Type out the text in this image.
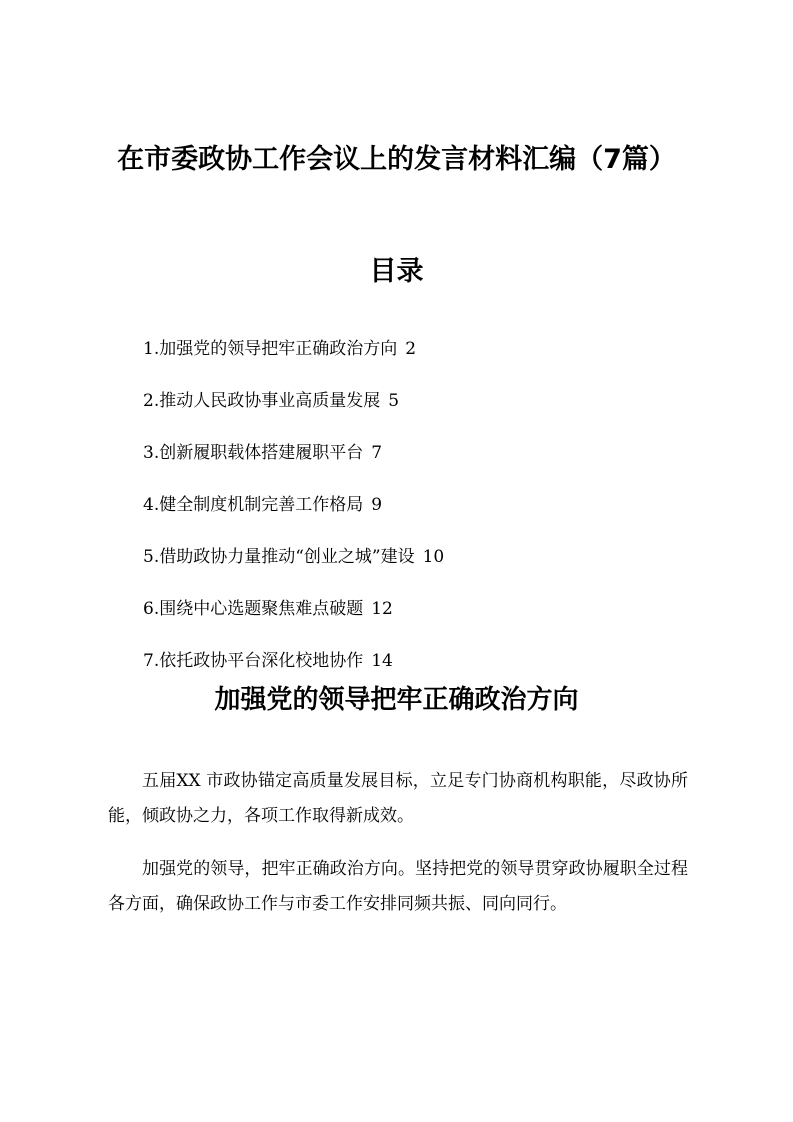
在市委政协工作会议上的发言材料汇编（7篇）
目录
1.加强党的领导把牢正确政治方向 2
2.推动人民政协事业高质量发展 5
3.创新履职载体搭建履职平台 7
4.健全制度机制完善工作格局 9
5.借助政协力量推动“创业之城”建设 10
6.围绕中心选题聚焦难点破题 12
7.依托政协平台深化校地协作 14
加强党的领导把牢正确政治方向

五届XX 市政协锚定高质量发展目标，立足专门协商机构职能，尽政协所能，倾政协之力，各项工作取得新成效。

加强党的领导，把牢正确政治方向。坚持把党的领导贯穿政协履职全过程各方面，确保政协工作与市委工作安排同频共振、同向同行。
